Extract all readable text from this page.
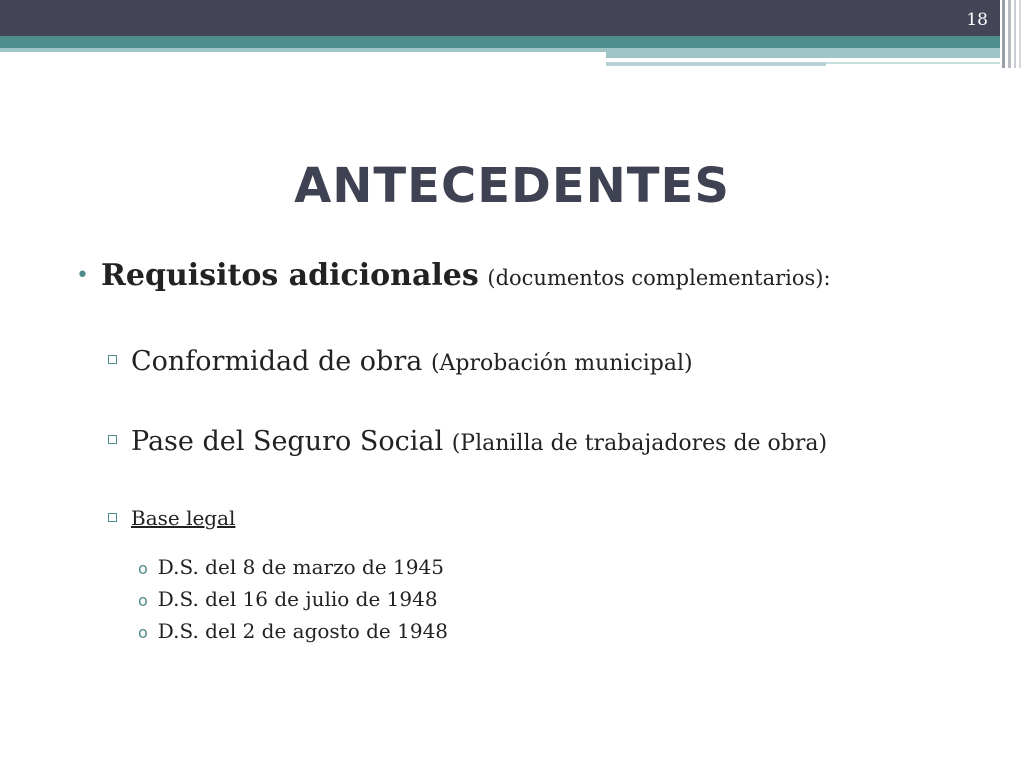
18
ANTECEDENTES
• Requisitos adicionales (documentos complementarios):
Conformidad de obra (Aprobación municipal)
Pase del Seguro Social (Planilla de trabajadores de obra)
Base legal
o D.S. del 8 de marzo de 1945
o D.S. del 16 de julio de 1948
o D.S. del 2 de agosto de 1948
